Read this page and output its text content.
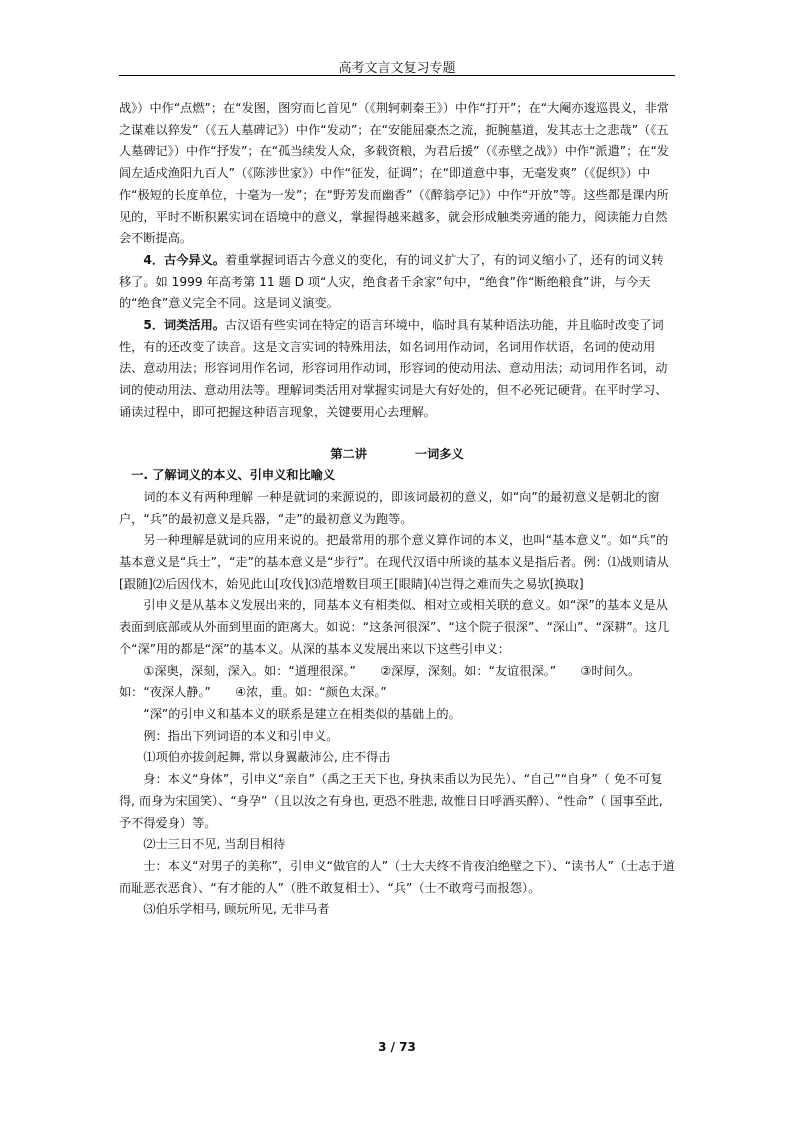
高考文言文复习专题

战》）中作“点燃”；在“发图，图穷而匕首见”（《荆轲刺秦王》）中作“打开”；在“大阉亦逡巡畏义，非常之谋难以猝发”（《五人墓碑记》）中作“发动”；在“安能屈豪杰之流，扼腕墓道，发其志士之悲哉”（《五人墓碑记》）中作“抒发”；在“孤当续发人众，多载资粮，为君后援”（《赤壁之战》）中作“派遣”；在“发闾左适戍渔阳九百人”（《陈涉世家》）中作“征发，征调”；在“即道意中事，无毫发爽”（《促织》）中作“极短的长度单位，十毫为一发”；在“野芳发而幽香”（《醉翁亭记》）中作“开放”等。这些都是课内所见的，平时不断积累实词在语境中的意义，掌握得越来越多，就会形成触类旁通的能力，阅读能力自然会不断提高。

4．古今异义。着重掌握词语古今意义的变化，有的词义扩大了，有的词义缩小了，还有的词义转移了。如 1999 年高考第 11 题 D 项“人灾，绝食者千余家”句中，“绝食”作“断绝粮食”讲，与今天的“绝食”意义完全不同。这是词义演变。

5．词类活用。古汉语有些实词在特定的语言环境中，临时具有某种语法功能，并且临时改变了词性，有的还改变了读音。这是文言实词的特殊用法，如名词用作动词，名词用作状语，名词的使动用法、意动用法；形容词用作名词，形容词用作动词，形容词的使动用法、意动用法；动词用作名词，动词的使动用法、意动用法等。理解词类活用对掌握实词是大有好处的，但不必死记硬背。在平时学习、诵读过程中，即可把握这种语言现象，关键要用心去理解。

第二讲	一词多义

一. 了解词义的本义、引申义和比喻义

词的本义有两种理解 一种是就词的来源说的，即该词最初的意义，如“向”的最初意义是朝北的窗户，“兵”的最初意义是兵器，“走”的最初意义为跑等。

另一种理解是就词的应用来说的。把最常用的那个意义算作词的本义，也叫“基本意义”。如“兵”的基本意义是“兵士”，“走”的基本意义是“步行”。在现代汉语中所谈的基本义是指后者。例：⑴战则请从[跟随]⑵后因伐木，始见此山[攻伐]⑶范增数目项王[眼睛]⑷岂得之难而失之易欤[换取]

引申义是从基本义发展出来的，同基本义有相类似、相对立或相关联的意义。如“深”的基本义是从表面到底部或从外面到里面的距离大。如说：“这条河很深”、“这个院子很深”、“深山”、“深耕”。这几个“深”用的都是“深”的基本义。从深的基本义发展出来以下这些引申义：

①深奥，深刻，深入。如：“道理很深。”　　②深厚，深刻。如：“友谊很深。”　　③时间久。如：“夜深人静。”　　④浓，重。如：“颜色太深。”

“深”的引申义和基本义的联系是建立在相类似的基础上的。

例：指出下列词语的本义和引申义。

⑴项伯亦拔剑起舞, 常以身翼蔽沛公, 庄不得击

身：本义“身体”，引申义“亲自”（禹之王天下也, 身执耒臿以为民先）、“自己”“自身”（ 免不可复得, 而身为宋国笑）、“身孕”（且以汝之有身也, 更恐不胜悲, 故惟日日呼酒买醉）、“性命”（ 国事至此, 予不得爱身）等。

⑵士三日不见, 当刮目相待

士：本义“对男子的美称”，引申义“做官的人”（士大夫终不肯夜泊绝壁之下）、“读书人”（士志于道而耻恶衣恶食）、“有才能的人”（胜不敢复相士）、“兵”（士不敢弯弓而报怨）。

⑶伯乐学相马, 顾玩所见, 无非马者

3 / 73
